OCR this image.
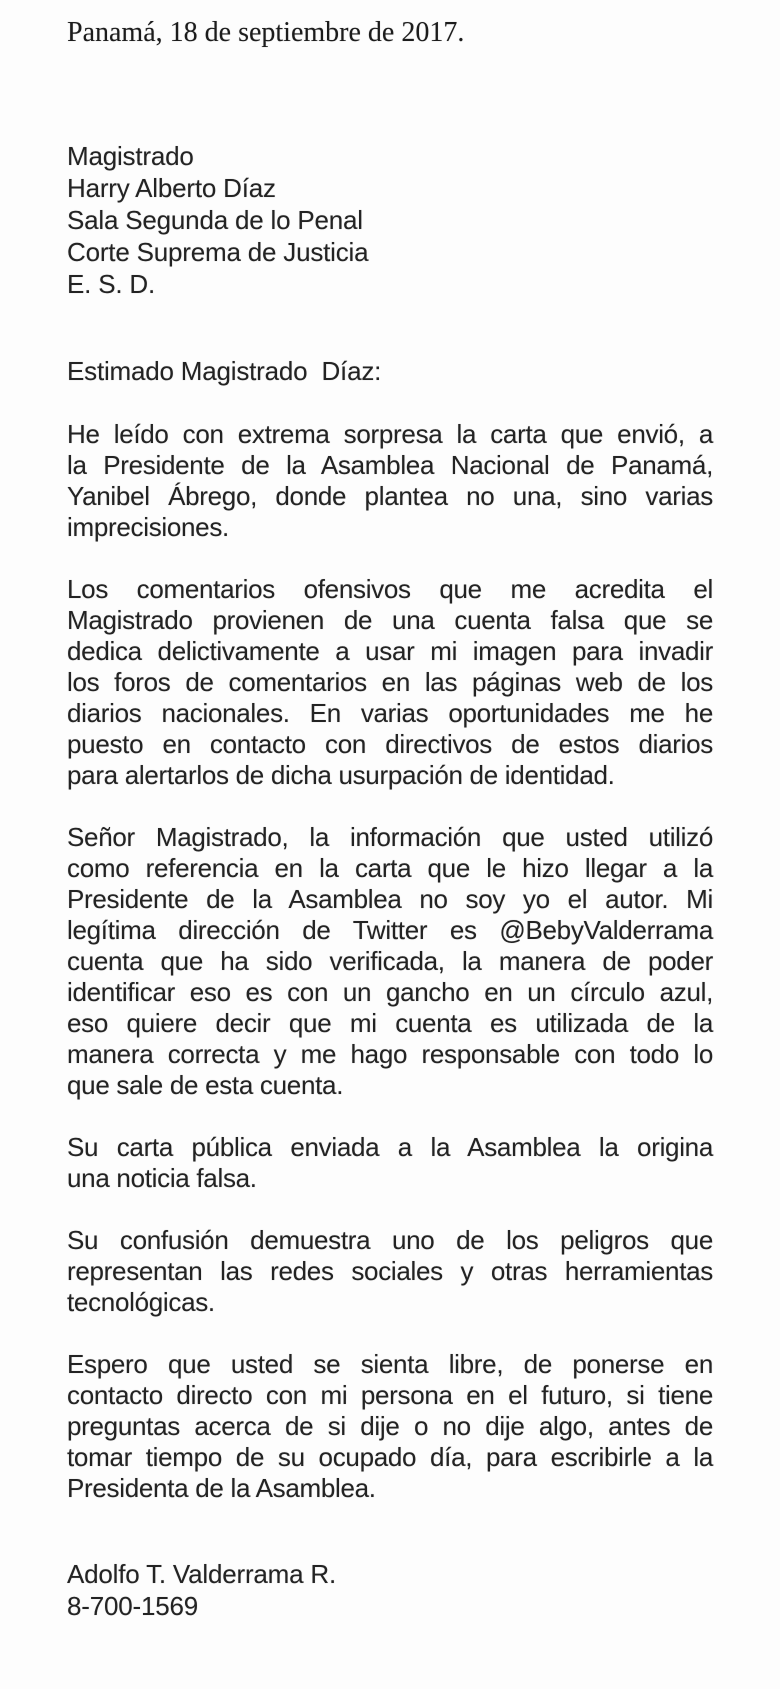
Panamá, 18 de septiembre de 2017.
Magistrado
Harry Alberto Díaz
Sala Segunda de lo Penal
Corte Suprema de Justicia
E. S. D.
Estimado Magistrado  Díaz:
He leído con extrema sorpresa la carta que envió, a
la Presidente de la Asamblea Nacional de Panamá,
Yanibel Ábrego, donde plantea no una, sino varias
imprecisiones.
Los comentarios ofensivos que me acredita el
Magistrado provienen de una cuenta falsa que se
dedica delictivamente a usar mi imagen para invadir
los foros de comentarios en las páginas web de los
diarios nacionales. En varias oportunidades me he
puesto en contacto con directivos de estos diarios
para alertarlos de dicha usurpación de identidad.
Señor Magistrado, la información que usted utilizó
como referencia en la carta que le hizo llegar a la
Presidente de la Asamblea no soy yo el autor. Mi
legítima dirección de Twitter es @BebyValderrama
cuenta que ha sido verificada, la manera de poder
identificar eso es con un gancho en un círculo azul,
eso quiere decir que mi cuenta es utilizada de la
manera correcta y me hago responsable con todo lo
que sale de esta cuenta.
Su carta pública enviada a la Asamblea la origina
una noticia falsa.
Su confusión demuestra uno de los peligros que
representan las redes sociales y otras herramientas
tecnológicas.
Espero que usted se sienta libre, de ponerse en
contacto directo con mi persona en el futuro, si tiene
preguntas acerca de si dije o no dije algo, antes de
tomar tiempo de su ocupado día, para escribirle a la
Presidenta de la Asamblea.
Adolfo T. Valderrama R.
8-700-1569
